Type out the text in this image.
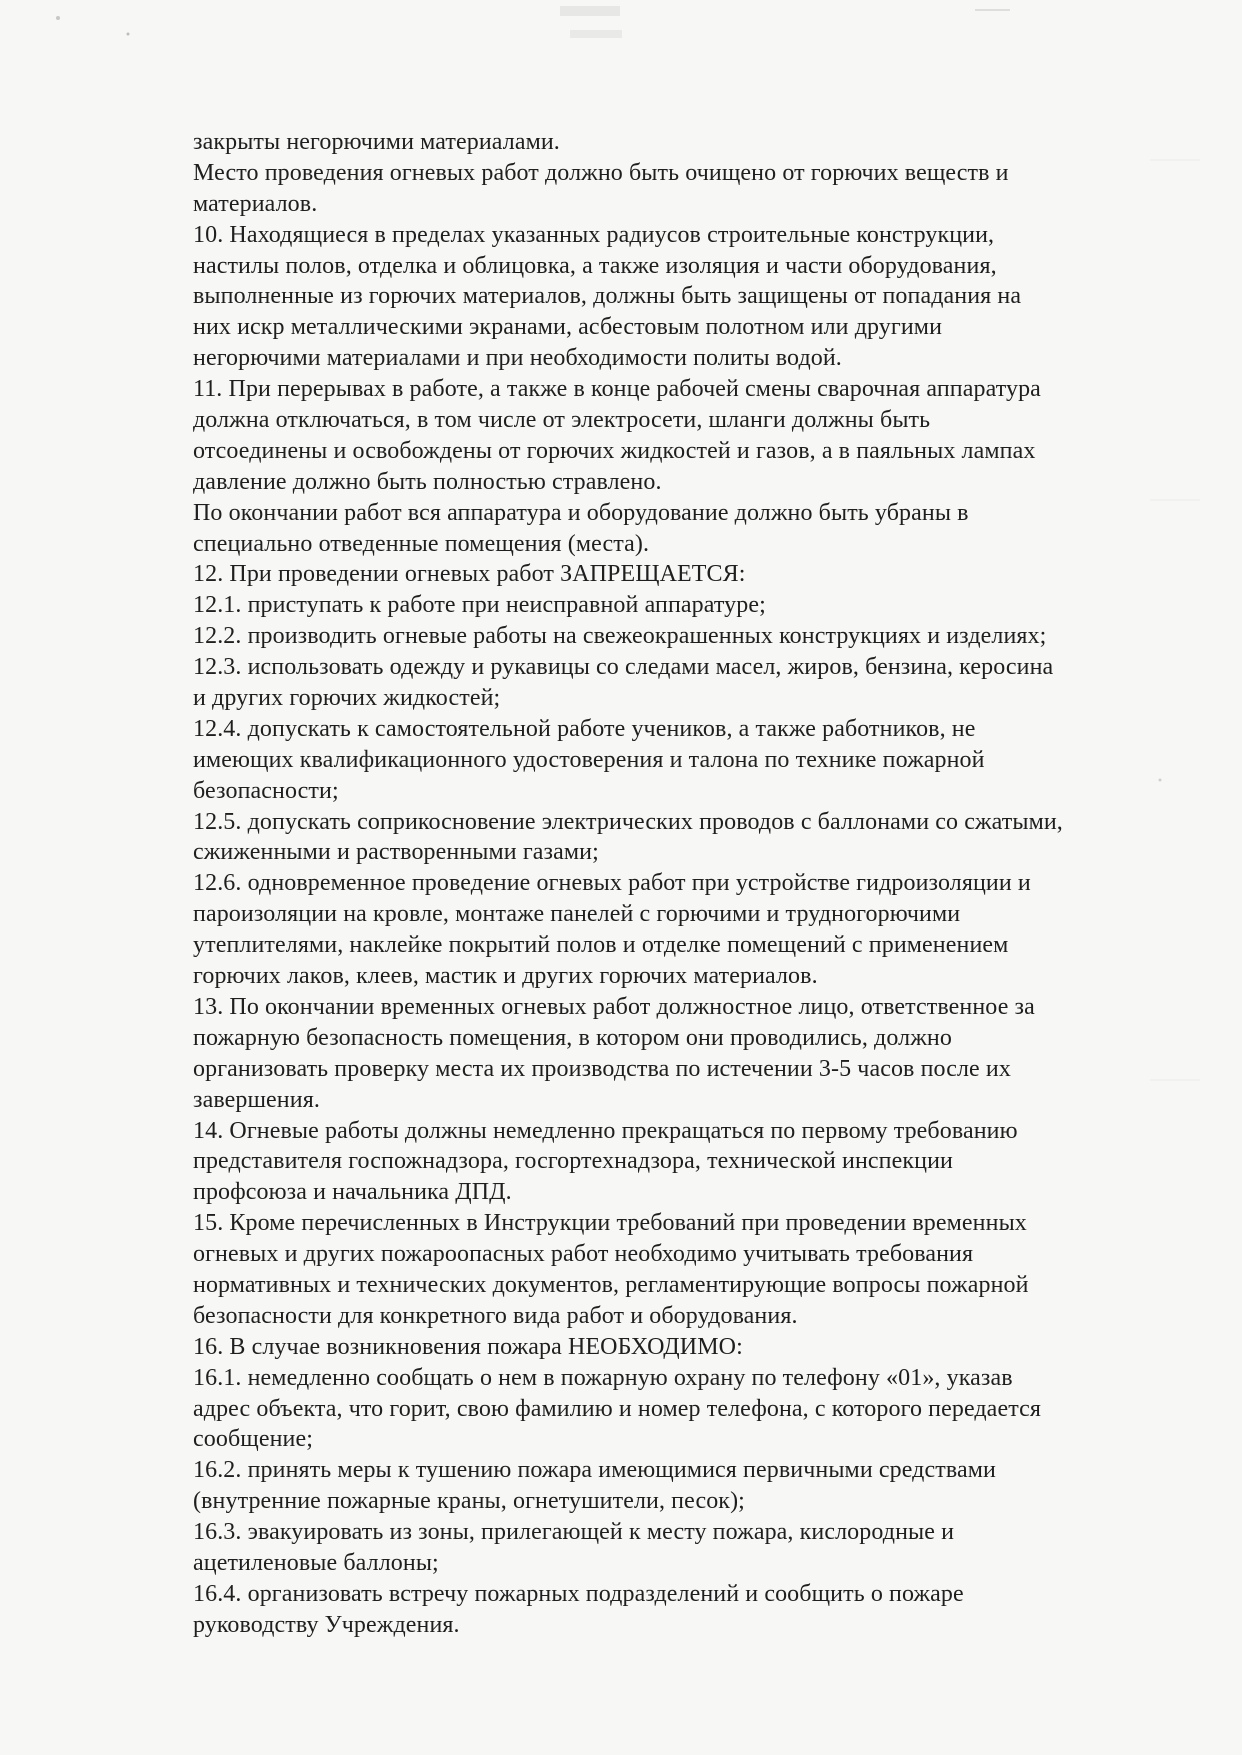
закрыты негорючими материалами.
Место проведения огневых работ должно быть очищено от горючих веществ и
материалов.
10. Находящиеся в пределах указанных радиусов строительные конструкции,
настилы полов, отделка и облицовка, а также изоляция и части оборудования,
выполненные из горючих материалов, должны быть защищены от попадания на
них искр металлическими экранами, асбестовым полотном или другими
негорючими материалами и при необходимости политы водой.
11. При перерывах в работе, а также в конце рабочей смены сварочная аппаратура
должна отключаться, в том числе от электросети, шланги должны быть
отсоединены и освобождены от горючих жидкостей и газов, а в паяльных лампах
давление должно быть полностью стравлено.
По окончании работ вся аппаратура и оборудование должно быть убраны в
специально отведенные помещения (места).
12. При проведении огневых работ ЗАПРЕЩАЕТСЯ:
12.1. приступать к работе при неисправной аппаратуре;
12.2. производить огневые работы на свежеокрашенных конструкциях и изделиях;
12.3. использовать одежду и рукавицы со следами масел, жиров, бензина, керосина
и других горючих жидкостей;
12.4. допускать к самостоятельной работе учеников, а также работников, не
имеющих квалификационного удостоверения и талона по технике пожарной
безопасности;
12.5. допускать соприкосновение электрических проводов с баллонами со сжатыми,
сжиженными и растворенными газами;
12.6. одновременное проведение огневых работ при устройстве гидроизоляции и
пароизоляции на кровле, монтаже панелей с горючими и трудногорючими
утеплителями, наклейке покрытий полов и отделке помещений с применением
горючих лаков, клеев, мастик и других горючих материалов.
13. По окончании временных огневых работ должностное лицо, ответственное за
пожарную безопасность помещения, в котором они проводились, должно
организовать проверку места их производства по истечении 3-5 часов после их
завершения.
14. Огневые работы должны немедленно прекращаться по первому требованию
представителя госпожнадзора, госгортехнадзора, технической инспекции
профсоюза и начальника ДПД.
15. Кроме перечисленных в Инструкции требований при проведении временных
огневых и других пожароопасных работ необходимо учитывать требования
нормативных и технических документов, регламентирующие вопросы пожарной
безопасности для конкретного вида работ и оборудования.
16. В случае возникновения пожара НЕОБХОДИМО:
16.1. немедленно сообщать о нем в пожарную охрану по телефону «01», указав
адрес объекта, что горит, свою фамилию и номер телефона, с которого передается
сообщение;
16.2. принять меры к тушению пожара имеющимися первичными средствами
(внутренние пожарные краны, огнетушители, песок);
16.3. эвакуировать из зоны, прилегающей к месту пожара, кислородные и
ацетиленовые баллоны;
16.4. организовать встречу пожарных подразделений и сообщить о пожаре
руководству Учреждения.
